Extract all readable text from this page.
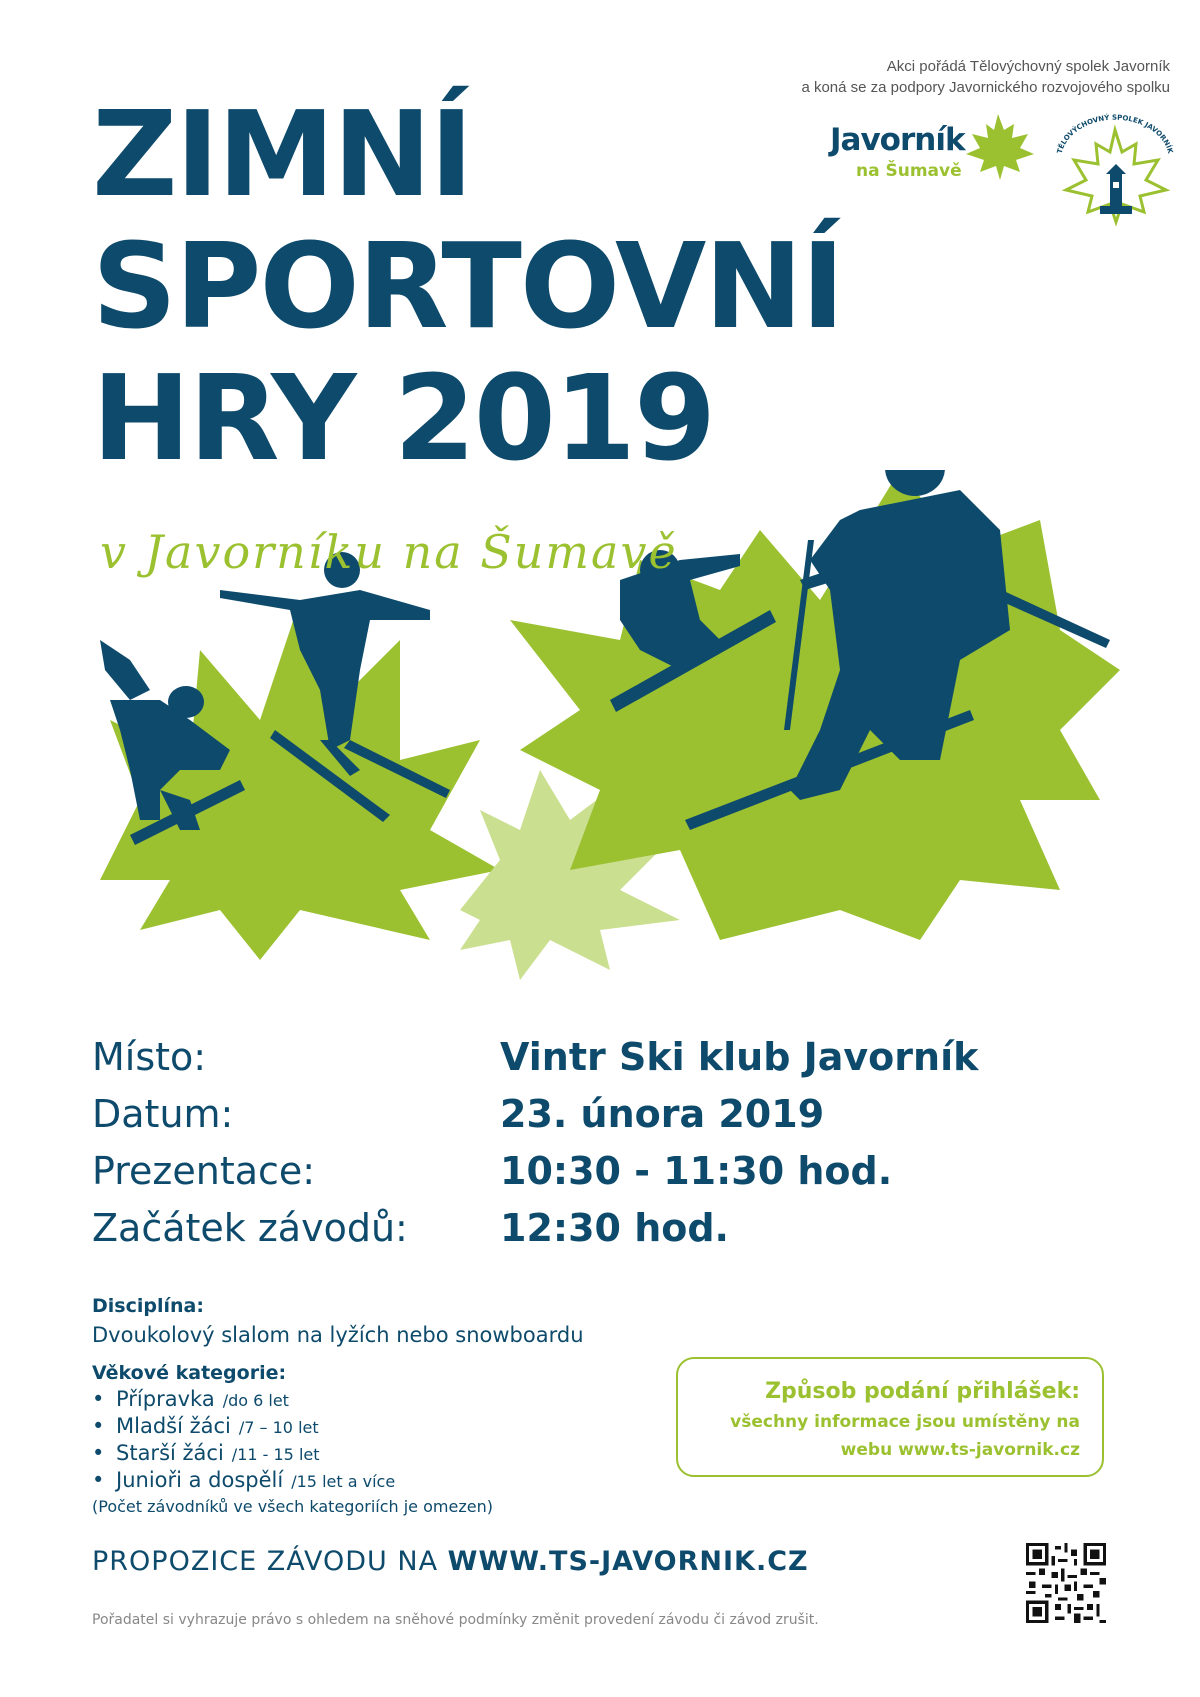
Akci pořádá Tělovýchovný spolek Javorník
a koná se za podpory Javornického rozvojového spolku
Javorník
na Šumavě
TĚLOVÝCHOVNÝ SPOLEK JAVORNÍK
ZIMNÍ
SPORTOVNÍ
HRY 2019
v Javorníku na Šumavě
Místo:	Vintr Ski klub Javorník
Datum:	23. února 2019
Prezentace:	10:30 - 11:30 hod.
Začátek závodů: 12:30 hod.
Disciplína:
Dvoukolový slalom na lyžích nebo snowboardu
Věkové kategorie:
• Přípravka /do 6 let
• Mladší žáci /7 – 10 let
• Starší žáci /11 - 15 let
• Junioři a dospělí /15 let a více
(Počet závodníků ve všech kategoriích je omezen)
Způsob podání přihlášek:
všechny informace jsou umístěny na
webu www.ts-javornik.cz
PROPOZICE ZÁVODU NA WWW.TS-JAVORNIK.CZ
Pořadatel si vyhrazuje právo s ohledem na sněhové podmínky změnit provedení závodu či závod zrušit.
